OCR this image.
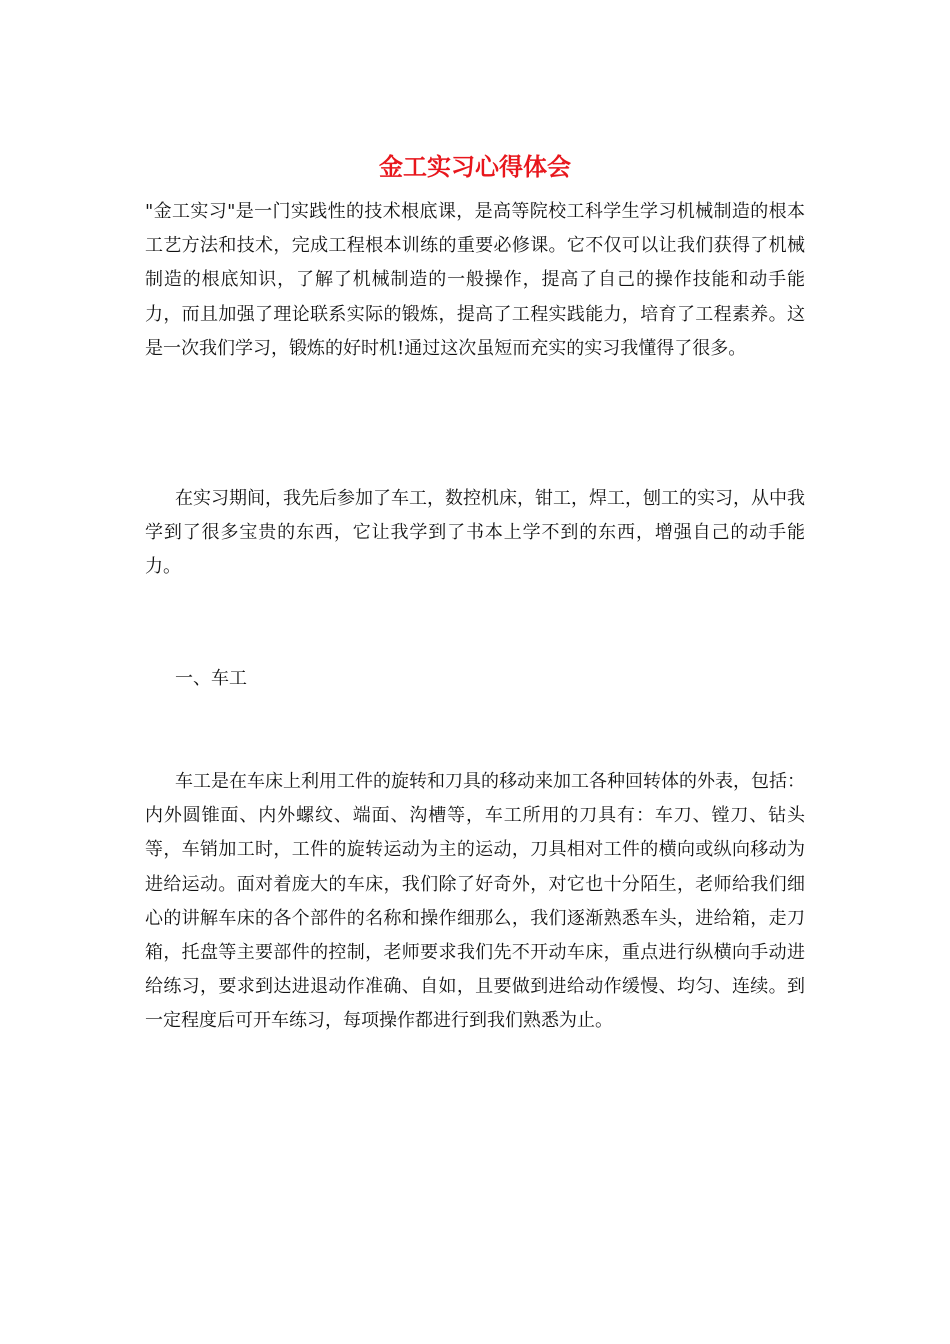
金工实习心得体会

"金工实习"是一门实践性的技术根底课，是高等院校工科学生学习机械制造的根本工艺方法和技术，完成工程根本训练的重要必修课。它不仅可以让我们获得了机械制造的根底知识，了解了机械制造的一般操作，提高了自己的操作技能和动手能力，而且加强了理论联系实际的锻炼，提高了工程实践能力，培育了工程素养。这是一次我们学习，锻炼的好时机!通过这次虽短而充实的实习我懂得了很多。

在实习期间，我先后参加了车工，数控机床，钳工，焊工，刨工的实习，从中我学到了很多宝贵的东西，它让我学到了书本上学不到的东西，增强自己的动手能力。

一、车工

车工是在车床上利用工件的旋转和刀具的移动来加工各种回转体的外表，包括：内外圆锥面、内外螺纹、端面、沟槽等，车工所用的刀具有：车刀、镗刀、钻头等，车销加工时，工件的旋转运动为主的运动，刀具相对工件的横向或纵向移动为进给运动。面对着庞大的车床，我们除了好奇外，对它也十分陌生，老师给我们细心的讲解车床的各个部件的名称和操作细那么，我们逐渐熟悉车头，进给箱，走刀箱，托盘等主要部件的控制，老师要求我们先不开动车床，重点进行纵横向手动进给练习，要求到达进退动作准确、自如，且要做到进给动作缓慢、均匀、连续。到一定程度后可开车练习，每项操作都进行到我们熟悉为止。
